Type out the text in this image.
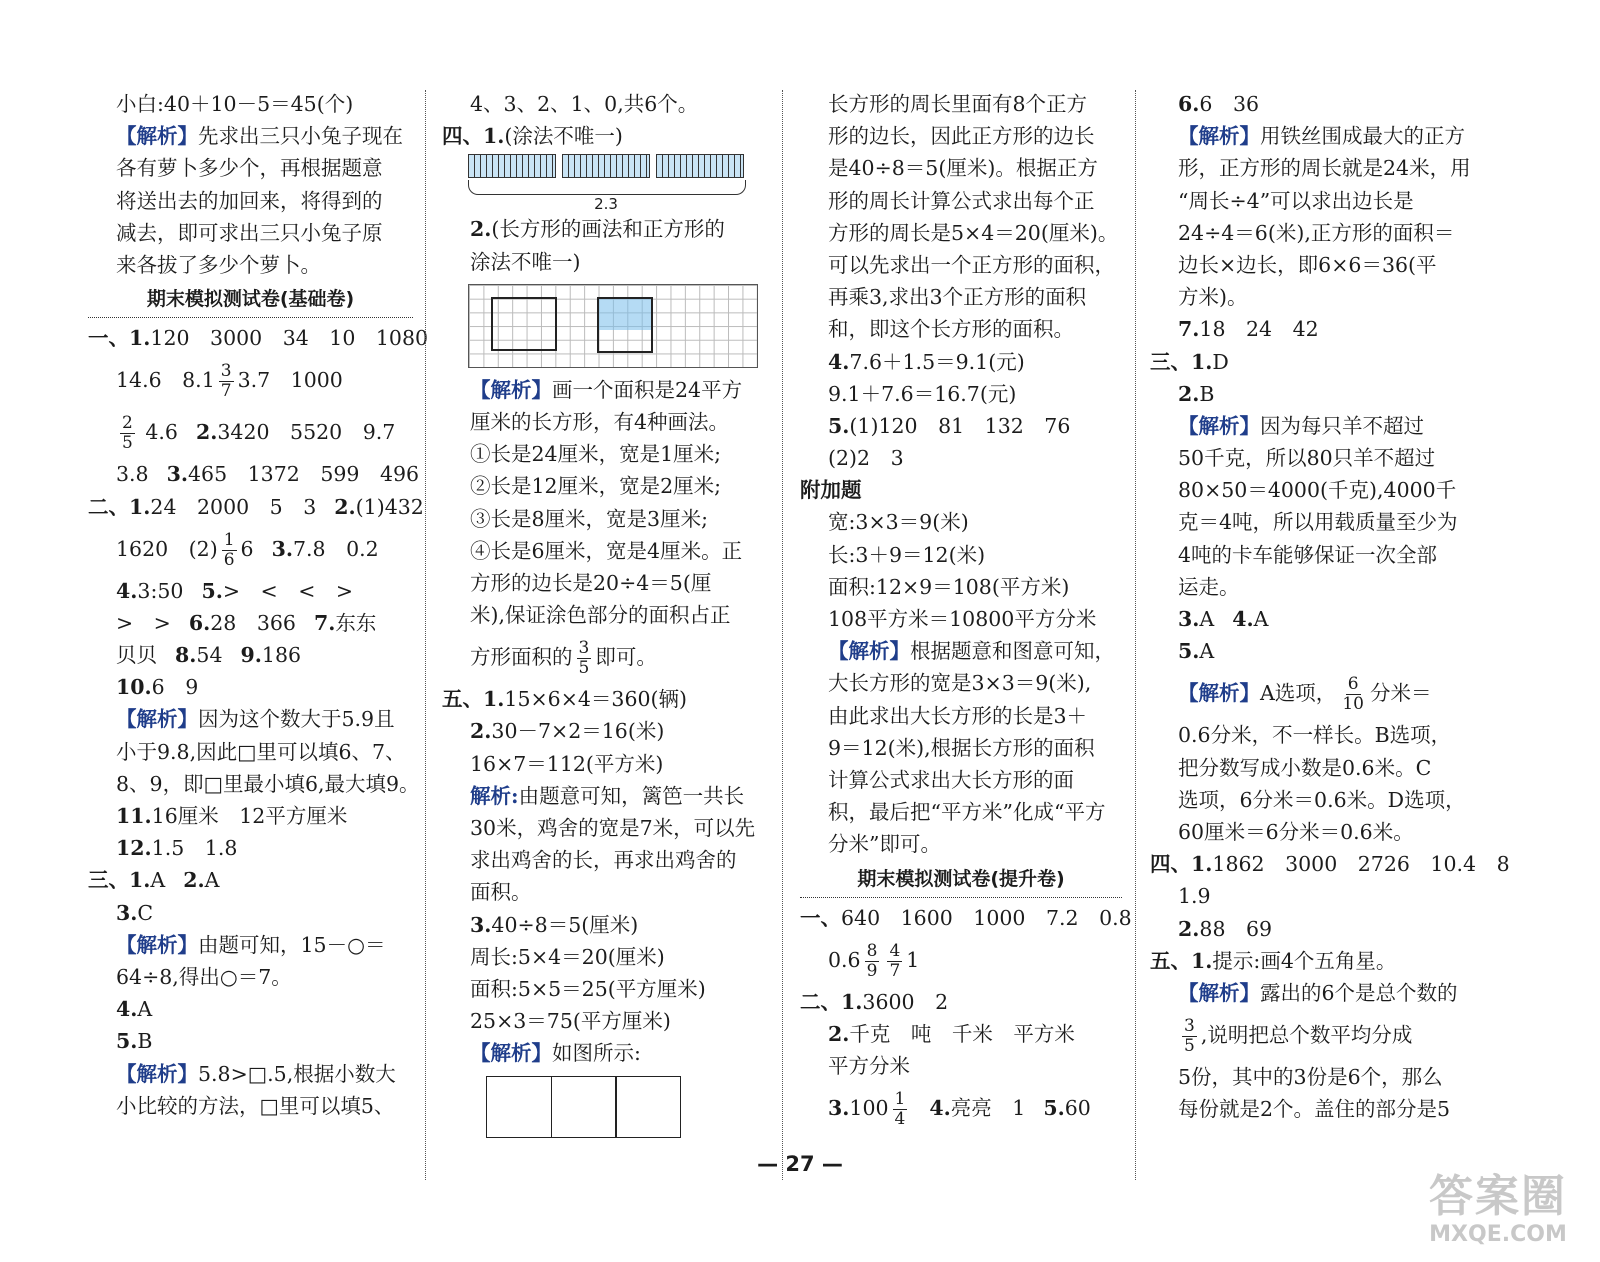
小白:40＋10－5＝45(个)
【解析】先求出三只小兔子现在
各有萝卜多少个，再根据题意
将送出去的加回来，将得到的
减去，即可求出三只小兔子原
来各拔了多少个萝卜。
期末模拟测试卷(基础卷)
一、1.120　3000　34　10　1080
14.6　$8.1 \frac{3}{7} 3.7$　1000
$\frac{2}{5} 4.6$ 2.3420　5520　9.7
3.8 3.465　1372　599　496
二、1.24　2000　5　3 2.(1)432
1620　$(2) \frac{1}{6} 6$ 3.7.8　0.2
4.3:50 5.>　<　<　>
>　> 6.28　366 7.东东
贝贝 8.54 9.186
10.6　9
【解析】因为这个数大于5.9且
小于9.8,因此□里可以填6、7、
8、9，即□里最小填6,最大填9。
11.16厘米　12平方厘米
12.1.5　1.8
三、1.A 2.A
3.C
【解析】由题可知，15－○＝
64÷8,得出○＝7。
4.A
5.B
【解析】5.8>□.5,根据小数大
小比较的方法，□里可以填5、
4、3、2、1、0,共6个。
四、1.(涂法不唯一)
2.3
2.(长方形的画法和正方形的
涂法不唯一)
【解析】画一个面积是24平方
厘米的长方形，有4种画法。
①长是24厘米，宽是1厘米;
②长是12厘米，宽是2厘米;
③长是8厘米，宽是3厘米;
④长是6厘米，宽是4厘米。正
方形的边长是20÷4＝5(厘
米),保证涂色部分的面积占正
方形面积的 $\frac{3}{5}$ 即可。
五、1.15×6×4＝360(辆)
2.30－7×2＝16(米)
16×7＝112(平方米)
解析:由题意可知，篱笆一共长
30米，鸡舍的宽是7米，可以先
求出鸡舍的长，再求出鸡舍的
面积。
3.40÷8＝5(厘米)
周长:5×4＝20(厘米)
面积:5×5＝25(平方厘米)
25×3＝75(平方厘米)
【解析】如图所示:
长方形的周长里面有8个正方
形的边长，因此正方形的边长
是40÷8＝5(厘米)。根据正方
形的周长计算公式求出每个正
方形的周长是5×4＝20(厘米)。
可以先求出一个正方形的面积，
再乘3,求出3个正方形的面积
和，即这个长方形的面积。
4.7.6＋1.5＝9.1(元)
9.1＋7.6＝16.7(元)
5.(1)120　81　132　76
(2)2　3
附加题
宽:3×3＝9(米)
长:3＋9＝12(米)
面积:12×9＝108(平方米)
108平方米＝10800平方分米
【解析】根据题意和图意可知，
大长方形的宽是3×3＝9(米),
由此求出大长方形的长是3＋
9＝12(米),根据长方形的面积
计算公式求出大长方形的面
积，最后把“平方米”化成“平方
分米”即可。
期末模拟测试卷(提升卷)
一、640　1600　1000　7.2　0.8
$0.6 \frac{8}{9} \frac{4}{7} 1$
二、1.3600　2
2.千克　吨　千米　平方米
平方分米
$3.100 \frac{1}{4} 4$.亮亮　1 5.60
6.6　36
【解析】用铁丝围成最大的正方
形，正方形的周长就是24米，用
“周长÷4”可以求出边长是
24÷4＝6(米),正方形的面积＝
边长×边长，即6×6＝36(平
方米)。
7.18　24　42
三、1.D
2.B
【解析】因为每只羊不超过
50千克，所以80只羊不超过
80×50＝4000(千克),4000千
克＝4吨，所以用载质量至少为
4吨的卡车能够保证一次全部
运走。
3.A 4.A
5.A
【解析】A选项， $\frac{6}{10}$ 分米＝
0.6分米，不一样长。B选项，
把分数写成小数是0.6米。C
选项，6分米＝0.6米。D选项，
60厘米＝6分米＝0.6米。
四、1.1862　3000　2726　10.4　8
1.9
2.88　69
五、1.提示:画4个五角星。
【解析】露出的6个是总个数的
$\frac{3}{5}$ ,说明把总个数平均分成
5份，其中的3份是6个，那么
每份就是2个。盖住的部分是5
— 27 —
答案圈
MXQE.COM
